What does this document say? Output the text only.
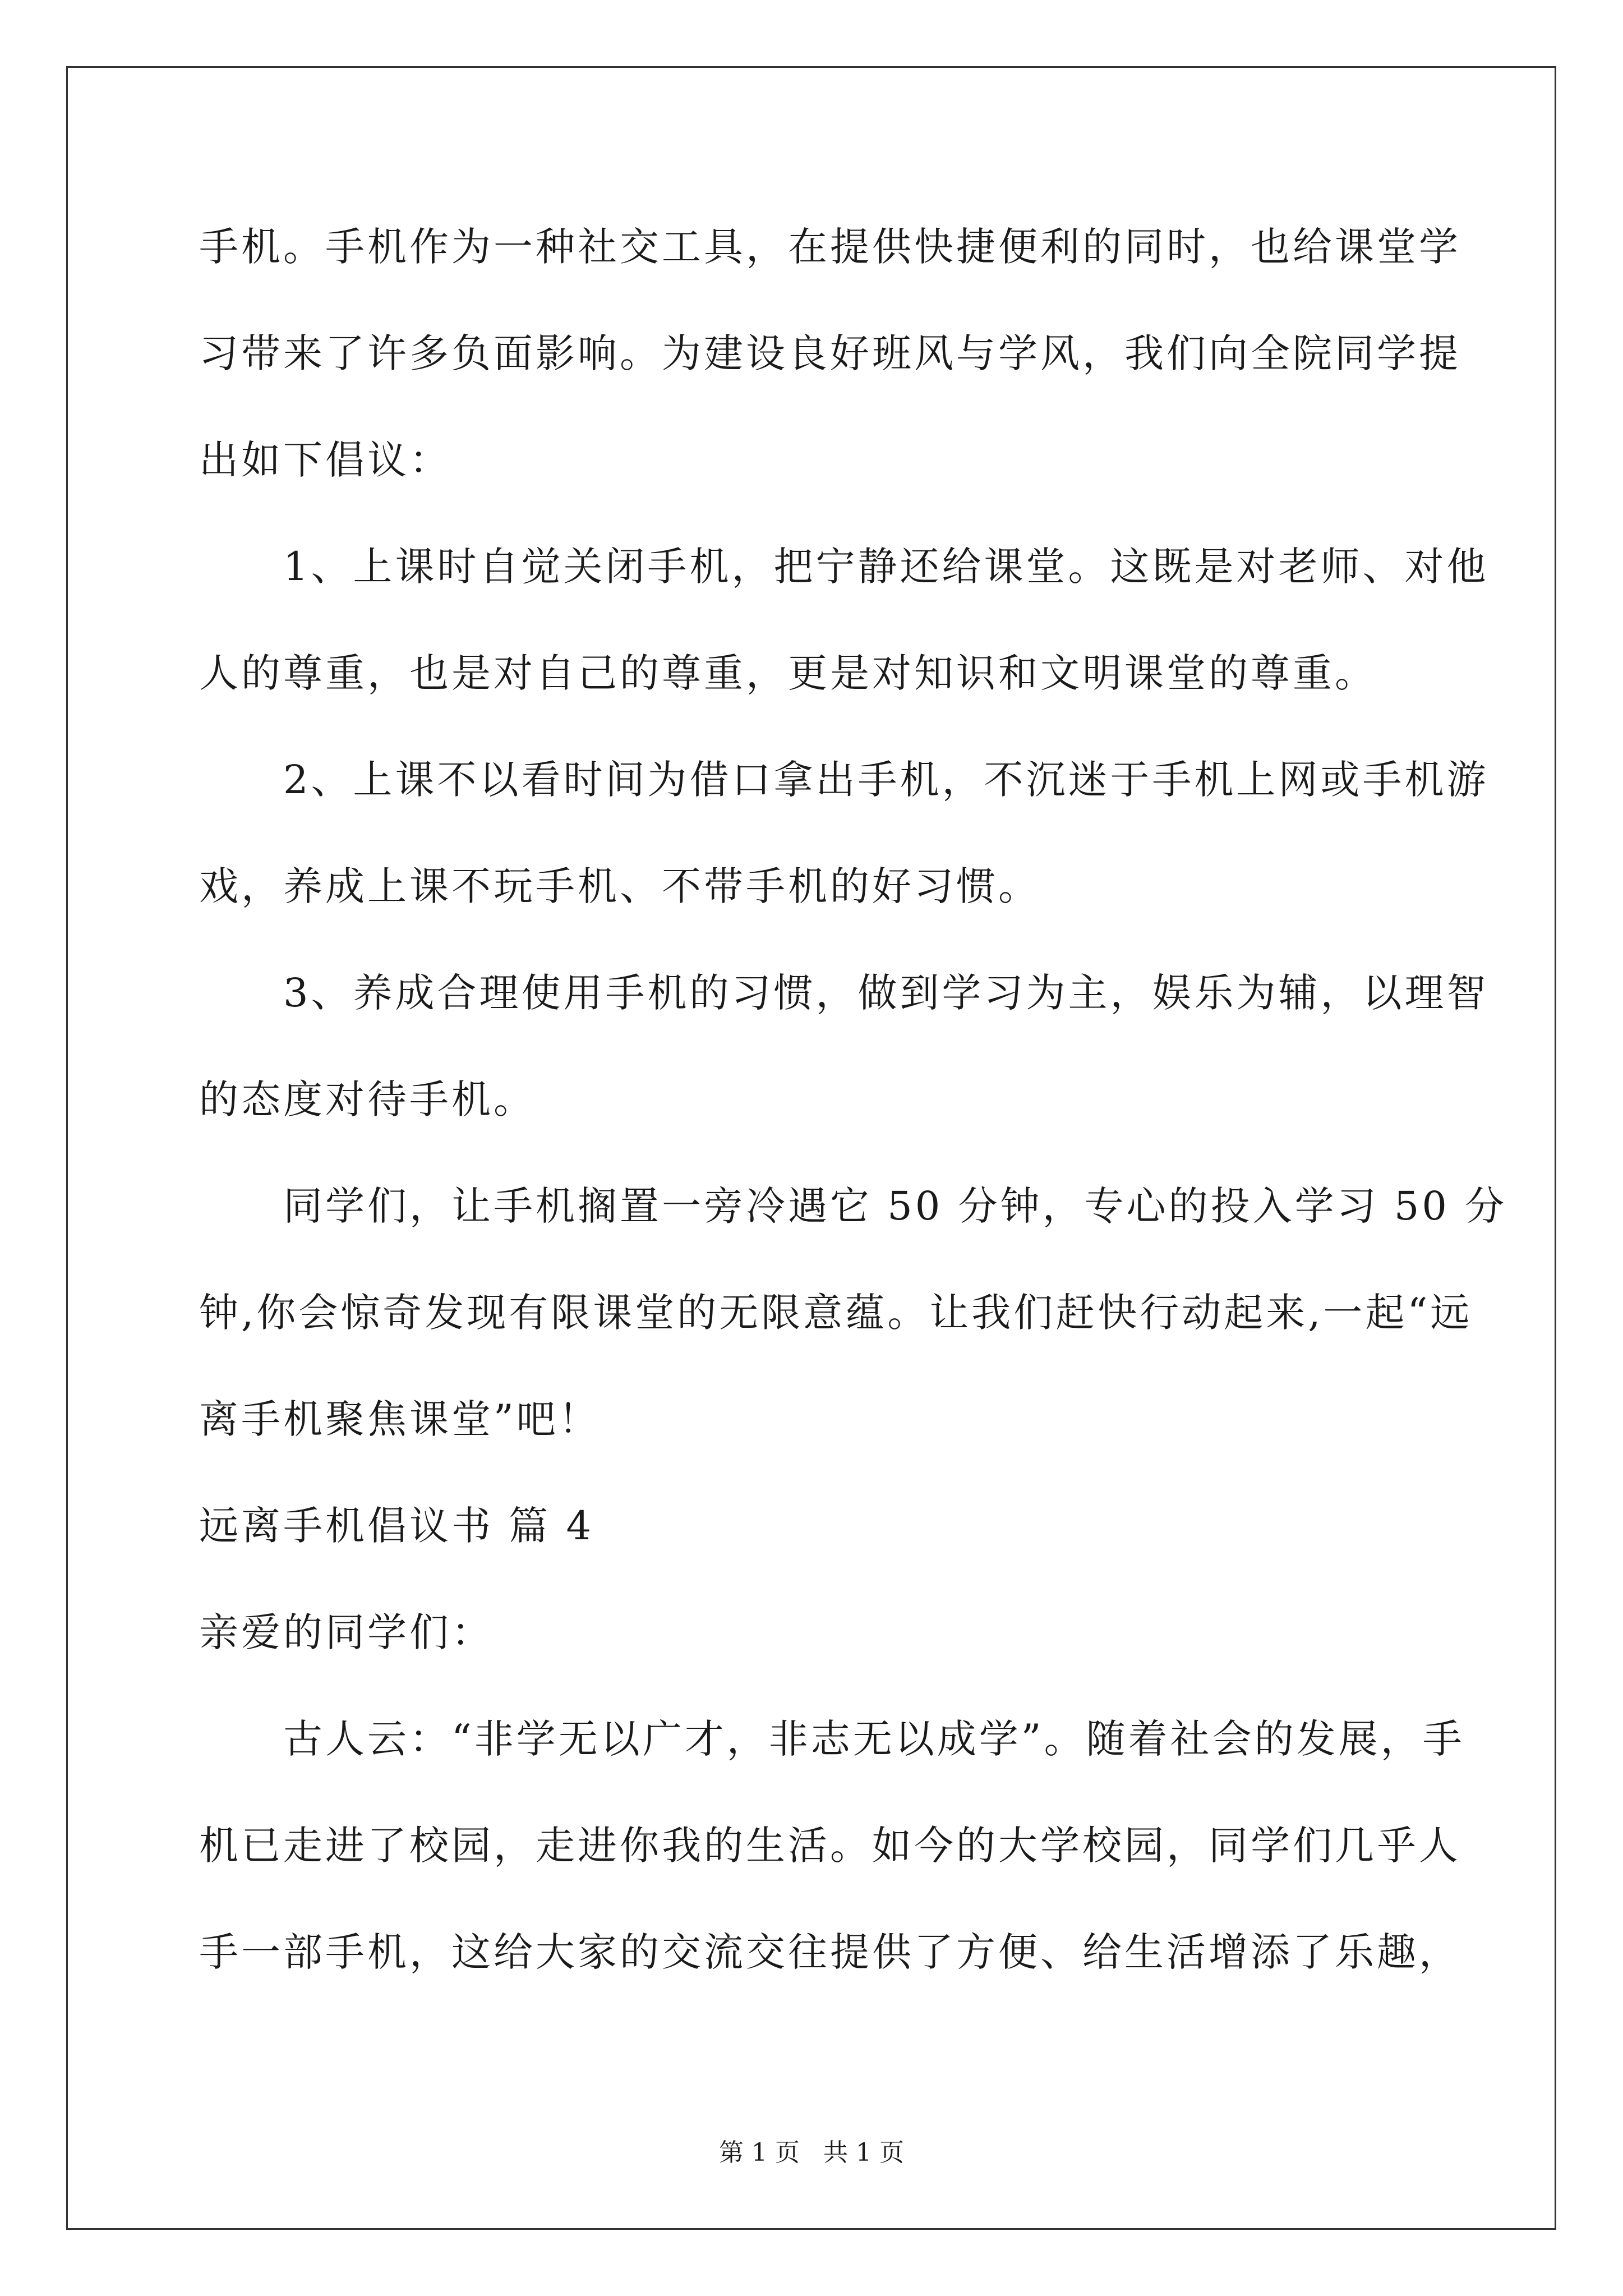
手机。手机作为一种社交工具，在提供快捷便利的同时，也给课堂学
习带来了许多负面影响。为建设良好班风与学风，我们向全院同学提
出如下倡议：
1、上课时自觉关闭手机，把宁静还给课堂。这既是对老师、对他
人的尊重，也是对自己的尊重，更是对知识和文明课堂的尊重。
2、上课不以看时间为借口拿出手机，不沉迷于手机上网或手机游
戏，养成上课不玩手机、不带手机的好习惯。
3、养成合理使用手机的习惯，做到学习为主，娱乐为辅，以理智
的态度对待手机。
同学们，让手机搁置一旁冷遇它 50 分钟，专心的投入学习 50 分
钟,你会惊奇发现有限课堂的无限意蕴。让我们赶快行动起来,一起“远
离手机聚焦课堂”吧！
远离手机倡议书 篇 4
亲爱的同学们：
古人云：“非学无以广才，非志无以成学”。随着社会的发展，手
机已走进了校园，走进你我的生活。如今的大学校园，同学们几乎人
手一部手机，这给大家的交流交往提供了方便、给生活增添了乐趣，
第 1 页   共 1 页
